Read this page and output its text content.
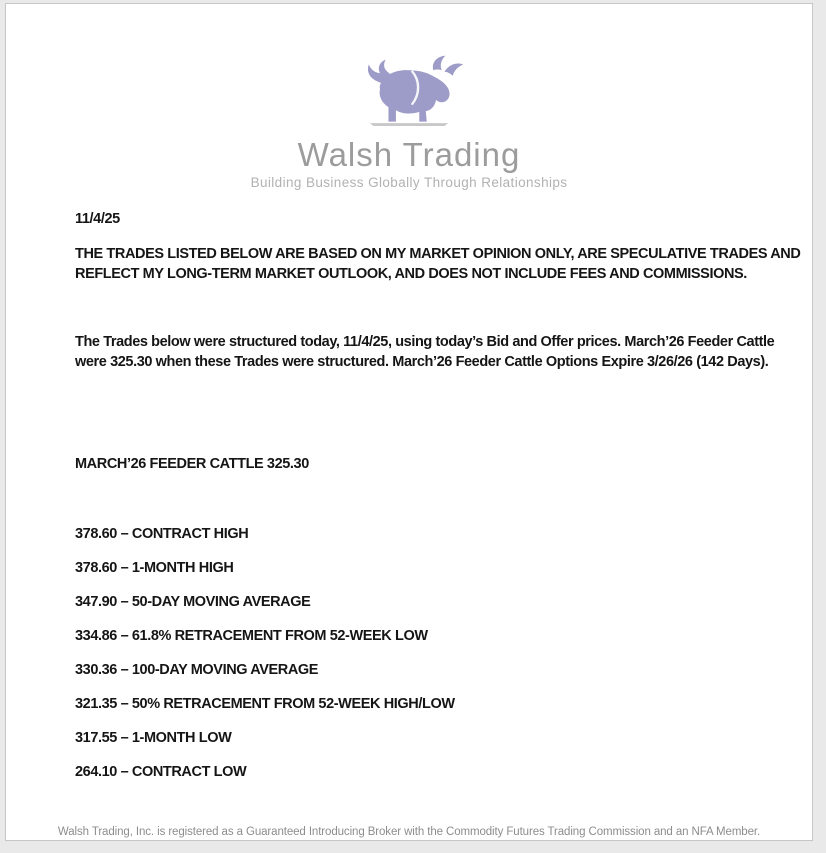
Walsh Trading
Building Business Globally Through Relationships
11/4/25
THE TRADES LISTED BELOW ARE BASED ON MY MARKET OPINION ONLY, ARE SPECULATIVE TRADES AND
REFLECT MY LONG-TERM MARKET OUTLOOK, AND DOES NOT INCLUDE FEES AND COMMISSIONS.
The Trades below were structured today, 11/4/25, using today’s Bid and Offer prices. March’26 Feeder Cattle
were 325.30 when these Trades were structured. March’26 Feeder Cattle Options Expire 3/26/26 (142 Days).
MARCH’26 FEEDER CATTLE 325.30
378.60 – CONTRACT HIGH
378.60 – 1-MONTH HIGH
347.90 – 50-DAY MOVING AVERAGE
334.86 – 61.8% RETRACEMENT FROM 52-WEEK LOW
330.36 – 100-DAY MOVING AVERAGE
321.35 – 50% RETRACEMENT FROM 52-WEEK HIGH/LOW
317.55 – 1-MONTH LOW
264.10 – CONTRACT LOW
Walsh Trading, Inc. is registered as a Guaranteed Introducing Broker with the Commodity Futures Trading Commission and an NFA Member.
